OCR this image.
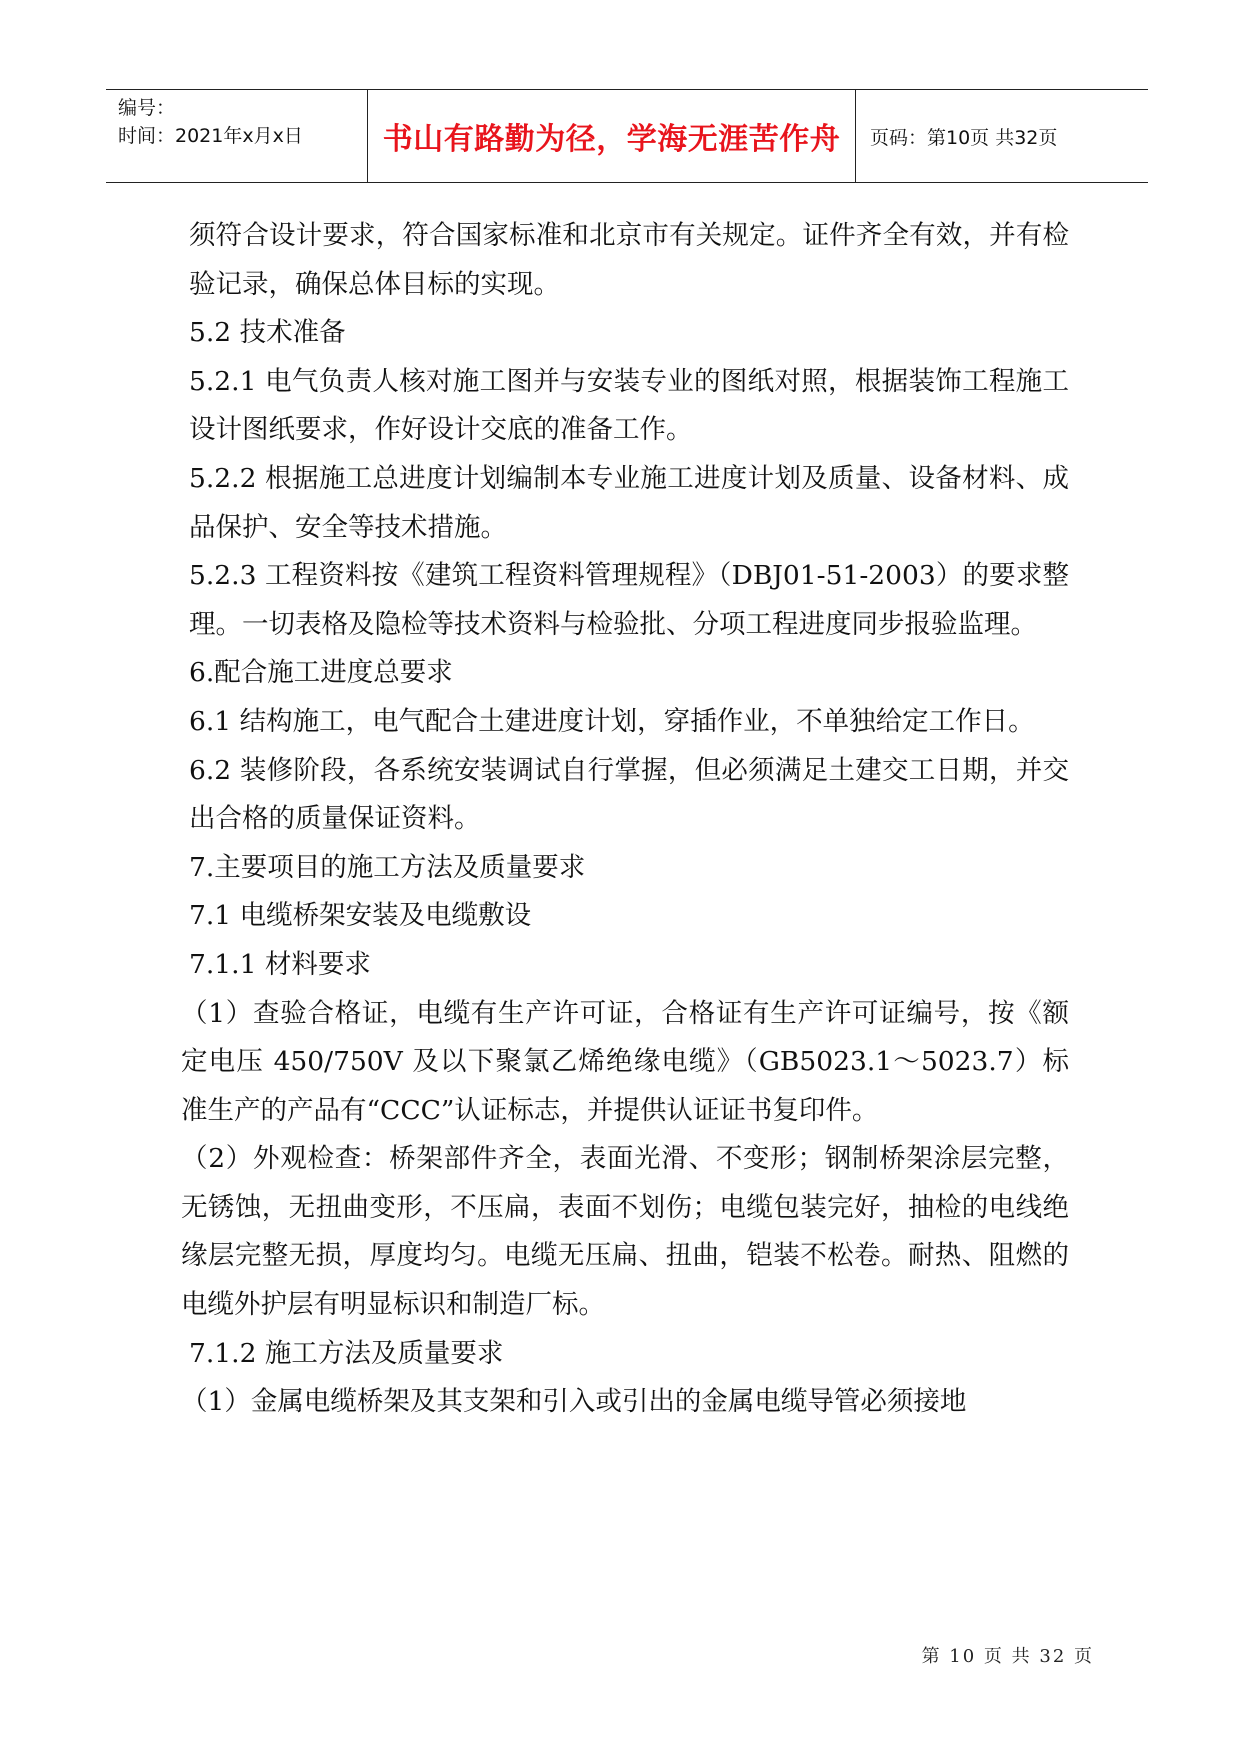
编号：
时间：2021年x月x日	书山有路勤为径，学海无涯苦作舟	页码：第10页 共32页

须符合设计要求，符合国家标准和北京市有关规定。证件齐全有效，并有检验记录，确保总体目标的实现。

5.2 技术准备

5.2.1 电气负责人核对施工图并与安装专业的图纸对照，根据装饰工程施工设计图纸要求，作好设计交底的准备工作。

5.2.2 根据施工总进度计划编制本专业施工进度计划及质量、设备材料、成品保护、安全等技术措施。

5.2.3 工程资料按《建筑工程资料管理规程》（DBJ01-51-2003）的要求整理。一切表格及隐检等技术资料与检验批、分项工程进度同步报验监理。

6.配合施工进度总要求

6.1 结构施工，电气配合土建进度计划，穿插作业，不单独给定工作日。

6.2 装修阶段，各系统安装调试自行掌握，但必须满足土建交工日期，并交出合格的质量保证资料。

7.主要项目的施工方法及质量要求

7.1 电缆桥架安装及电缆敷设

7.1.1 材料要求

（1）查验合格证，电缆有生产许可证，合格证有生产许可证编号，按《额定电压 450/750V 及以下聚氯乙烯绝缘电缆》（GB5023.1～5023.7）标准生产的产品有“CCC”认证标志，并提供认证证书复印件。

（2）外观检查：桥架部件齐全，表面光滑、不变形；钢制桥架涂层完整，无锈蚀，无扭曲变形，不压扁，表面不划伤；电缆包装完好，抽检的电线绝缘层完整无损，厚度均匀。电缆无压扁、扭曲，铠装不松卷。耐热、阻燃的电缆外护层有明显标识和制造厂标。

7.1.2 施工方法及质量要求

（1）金属电缆桥架及其支架和引入或引出的金属电缆导管必须接地

第 10 页 共 32 页
